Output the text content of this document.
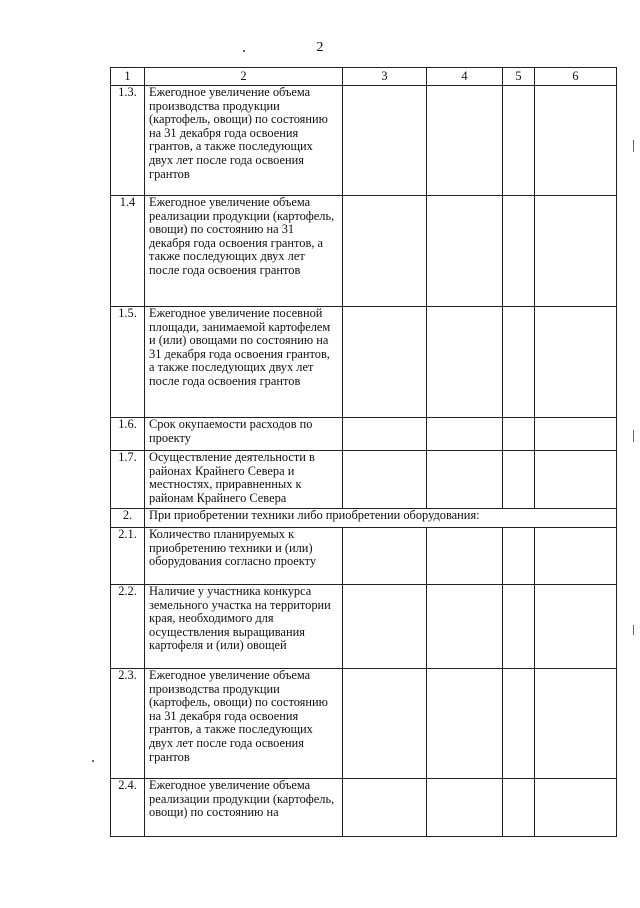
2
1	2	3	4	5	6
1.3.	Ежегодное увеличение объема производства продукции (картофель, овощи) по состоянию на 31 декабря года освоения грантов, а также последующих двух лет после года освоения грантов				
1.4	Ежегодное увеличение объема реализации продукции (картофель, овощи) по состоянию на 31 декабря года освоения грантов, а также последующих двух лет после года освоения грантов				
1.5.	Ежегодное увеличение посевной площади, занимаемой картофелем и (или) овощами по состоянию на 31 декабря года освоения грантов, а также последующих двух лет после года освоения грантов				
1.6.	Срок окупаемости расходов по проекту				
1.7.	Осуществление деятельности в районах Крайнего Севера и местностях, приравненных к районам Крайнего Севера				
2.	При приобретении техники либо приобретении оборудования:				
2.1.	Количество планируемых к приобретению техники и (или) оборудования согласно проекту				
2.2.	Наличие у участника конкурса земельного участка на территории края, необходимого для осуществления выращивания картофеля и (или) овощей				
2.3.	Ежегодное увеличение объема производства продукции (картофель, овощи) по состоянию на 31 декабря года освоения грантов, а также последующих двух лет после года освоения грантов				
2.4.	Ежегодное увеличение объема реализации продукции (картофель, овощи) по состоянию на				
